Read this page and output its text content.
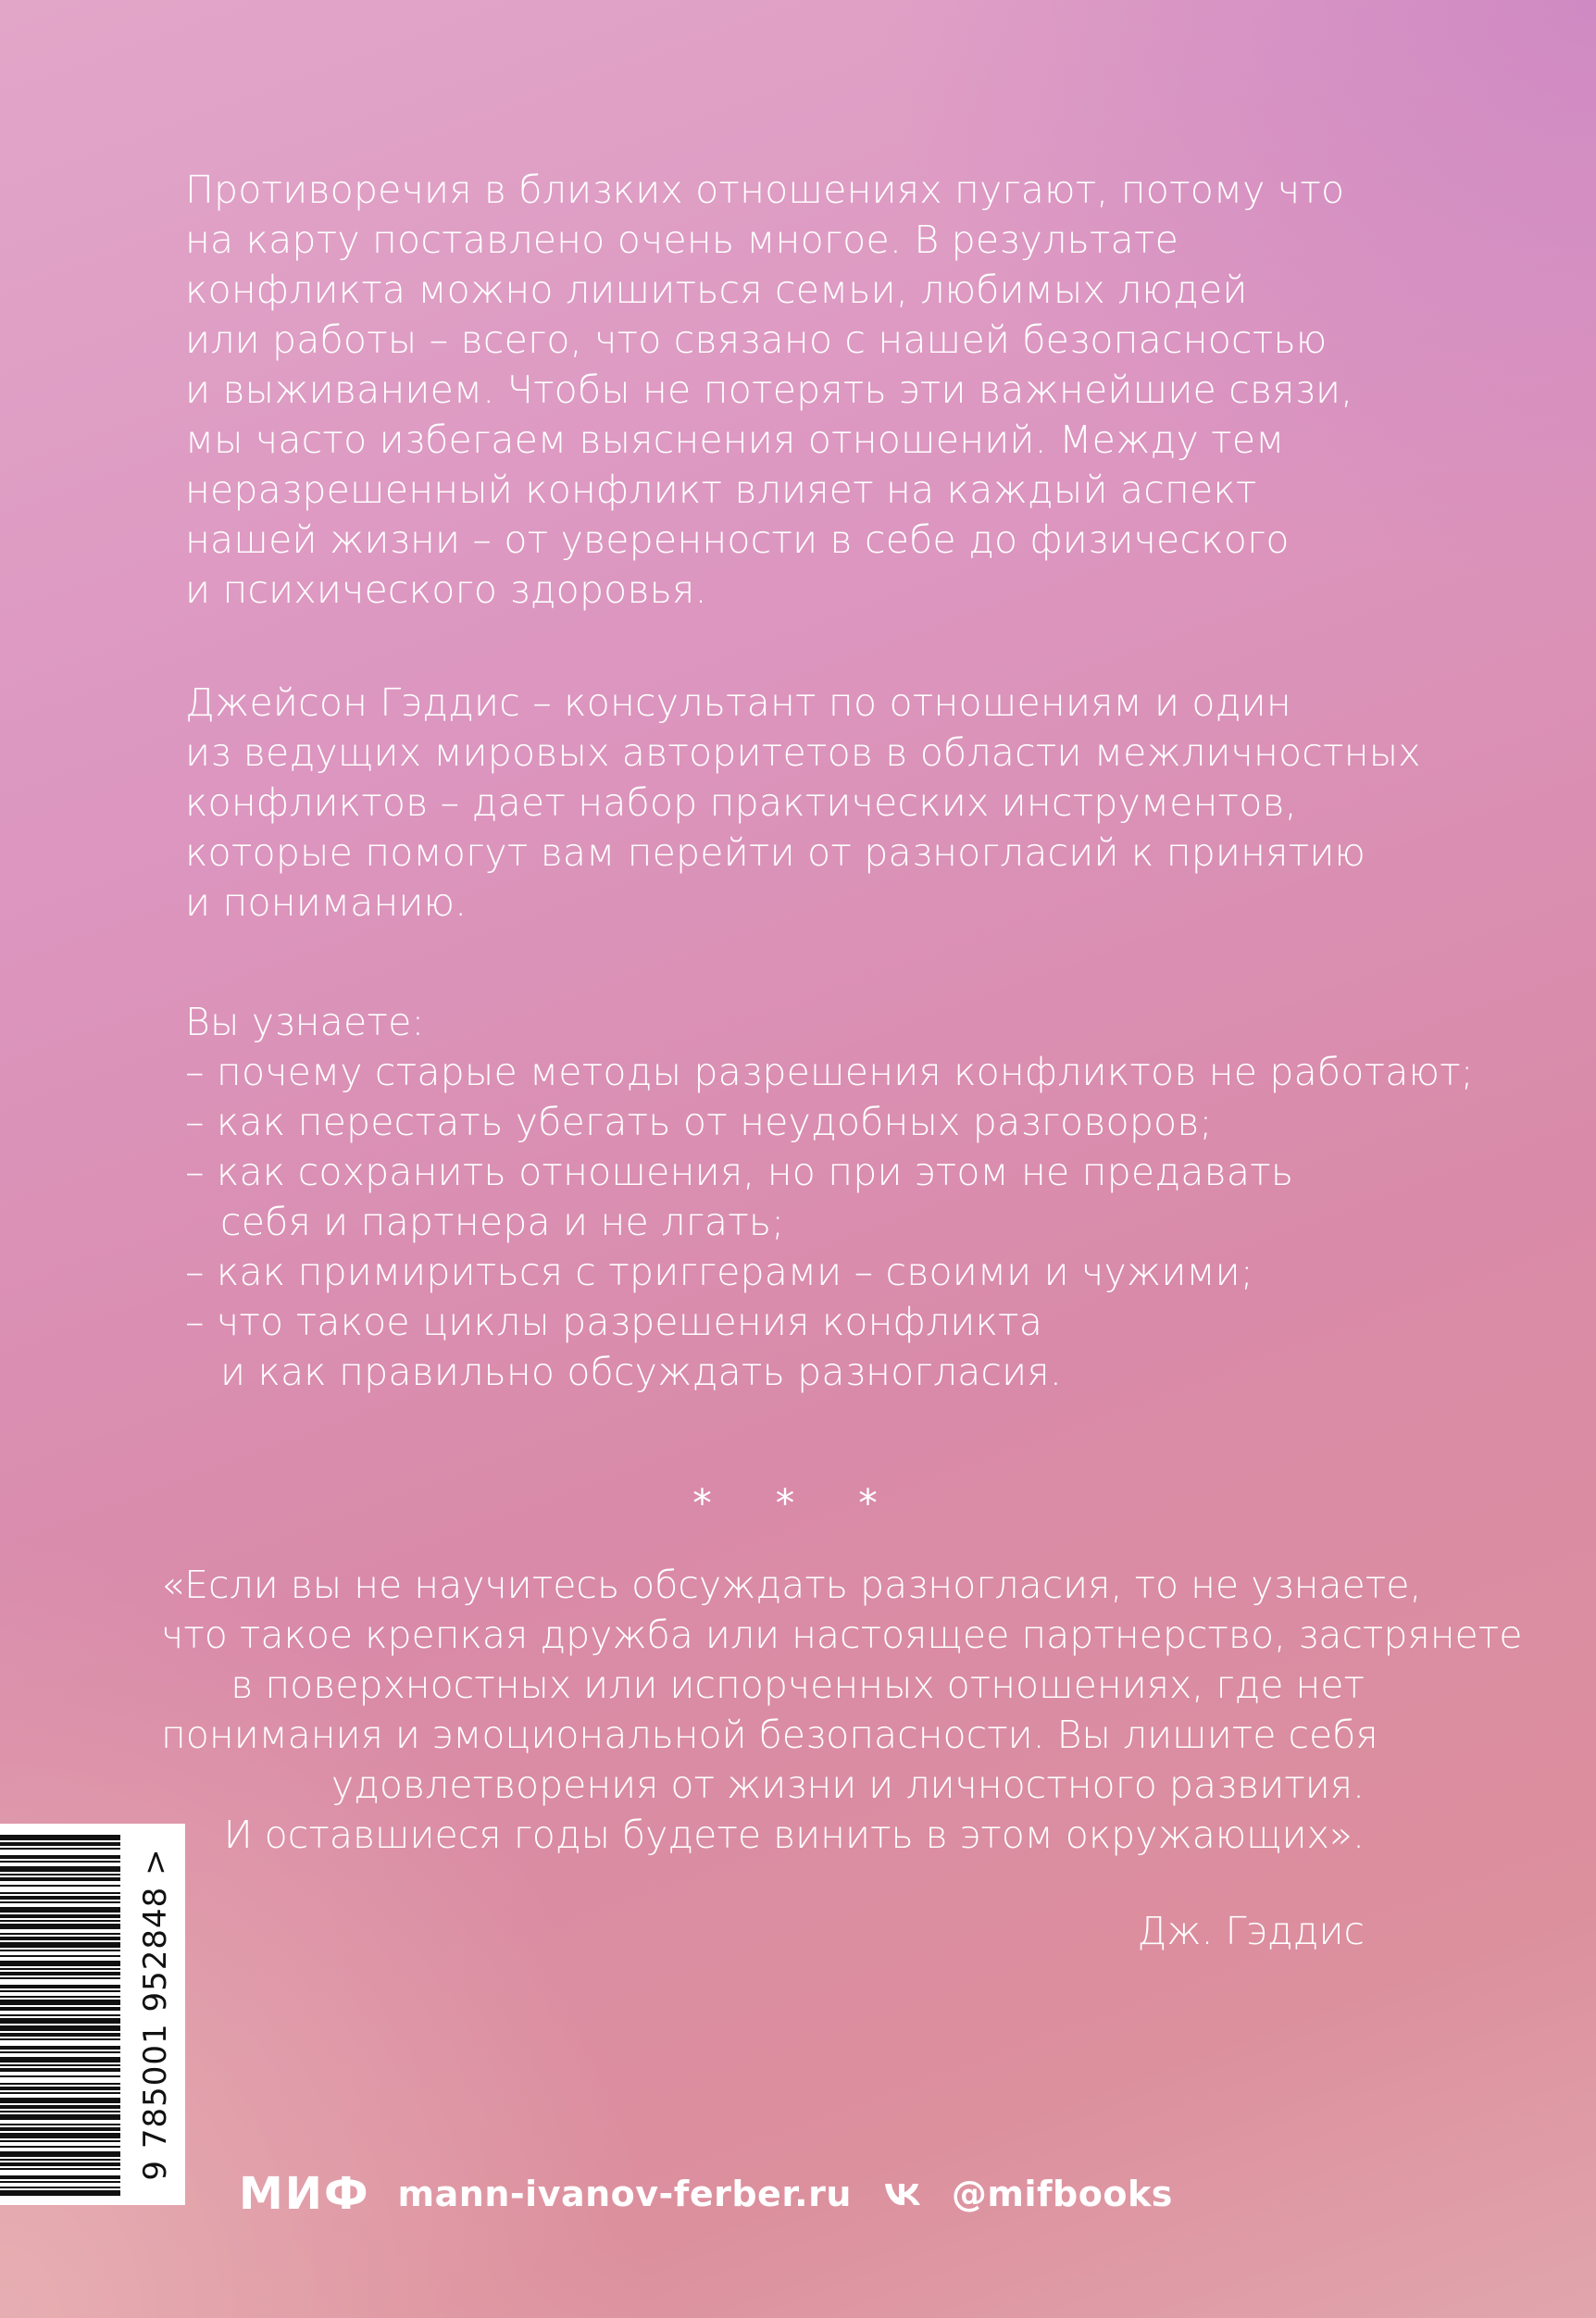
Противоречия в близких отношениях пугают, потому что
на карту поставлено очень многое. В результате
конфликта можно лишиться семьи, любимых людей
или работы – всего, что связано с нашей безопасностью
и выживанием. Чтобы не потерять эти важнейшие связи,
мы часто избегаем выяснения отношений. Между тем
неразрешенный конфликт влияет на каждый аспект
нашей жизни – от уверенности в себе до физического
и психического здоровья.
Джейсон Гэддис – консультант по отношениям и один
из ведущих мировых авторитетов в области межличностных
конфликтов – дает набор практических инструментов,
которые помогут вам перейти от разногласий к принятию
и пониманию.
Вы узнаете:
– почему старые методы разрешения конфликтов не работают;
– как перестать убегать от неудобных разговоров;
– как сохранить отношения, но при этом не предавать
себя и партнера и не лгать;
– как примириться с триггерами – своими и чужими;
– что такое циклы разрешения конфликта
и как правильно обсуждать разногласия.
* * *
«Если вы не научитесь обсуждать разногласия, то не узнаете,
что такое крепкая дружба или настоящее партнерство, застрянете
в поверхностных или испорченных отношениях, где нет
понимания и эмоциональной безопасности. Вы лишите себя
удовлетворения от жизни и личностного развития.
И оставшиеся годы будете винить в этом окружающих».
Дж. Гэддис
9 785001 952848 >
МИФ mann-ivanov-ferber.ru	@mifbooks
